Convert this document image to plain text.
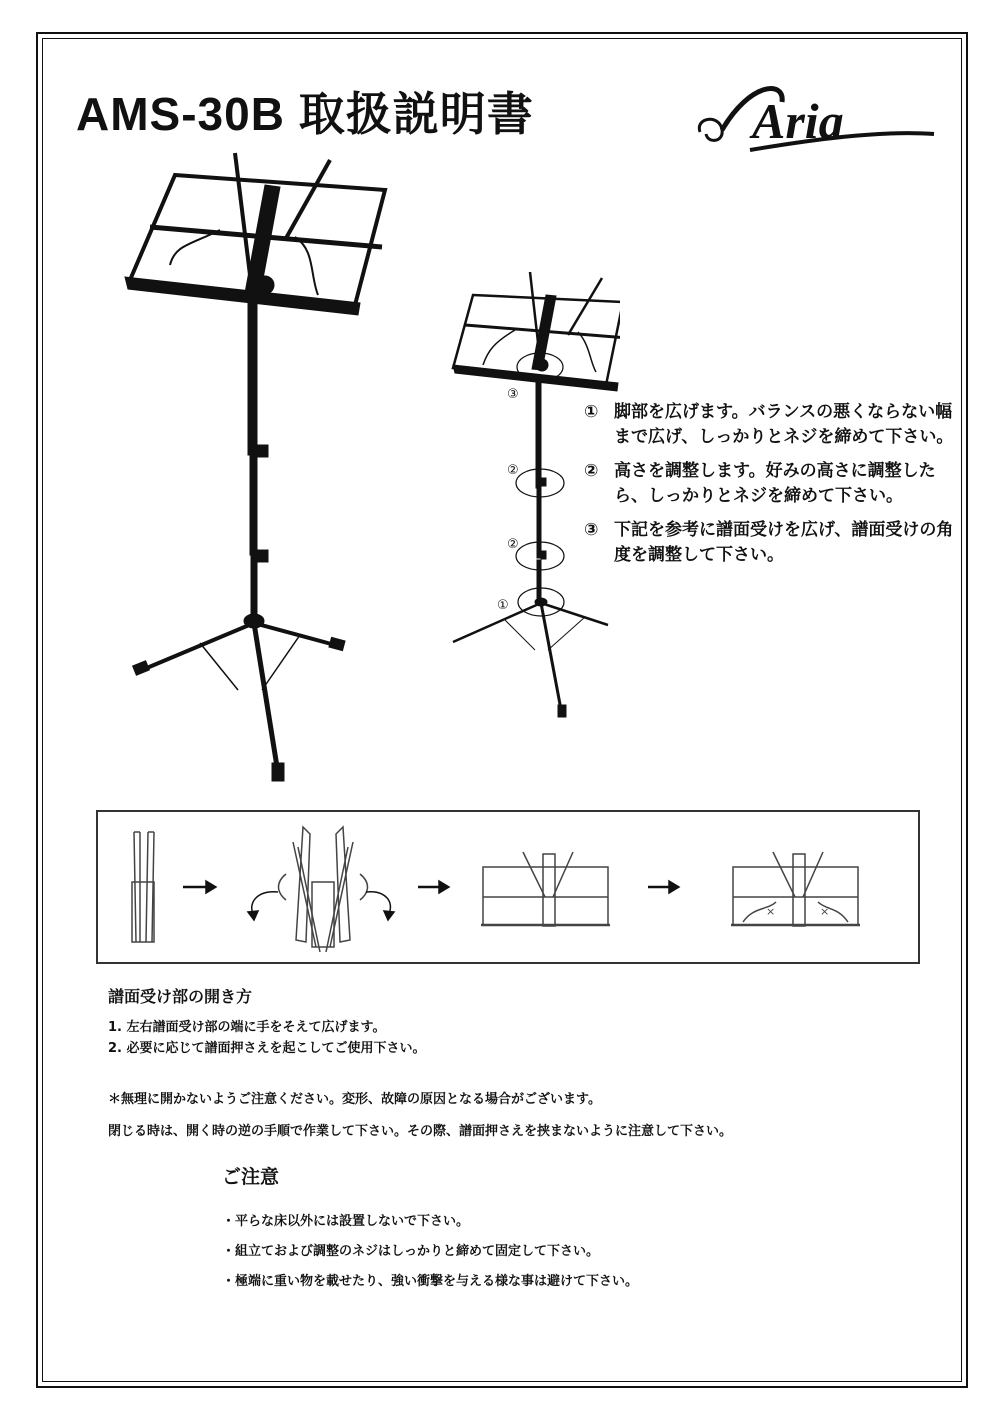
AMS-30B 取扱説明書	Aria
③
②
②
①
① 脚部を広げます。バランスの悪くならない幅まで広げ、しっかりとネジを締めて下さい。
② 高さを調整します。好みの高さに調整したら、しっかりとネジを締めて下さい。
③ 下記を参考に譜面受けを広げ、譜面受けの角度を調整して下さい。
×	×
譜面受け部の開き方
1. 左右譜面受け部の端に手をそえて広げます。
2. 必要に応じて譜面押さえを起こしてご使用下さい。
＊無理に開かないようご注意ください。変形、故障の原因となる場合がございます。
閉じる時は、開く時の逆の手順で作業して下さい。その際、譜面押さえを挟まないように注意して下さい。
ご注意
・平らな床以外には設置しないで下さい。
・組立ておよび調整のネジはしっかりと締めて固定して下さい。
・極端に重い物を載せたり、強い衝撃を与える様な事は避けて下さい。
